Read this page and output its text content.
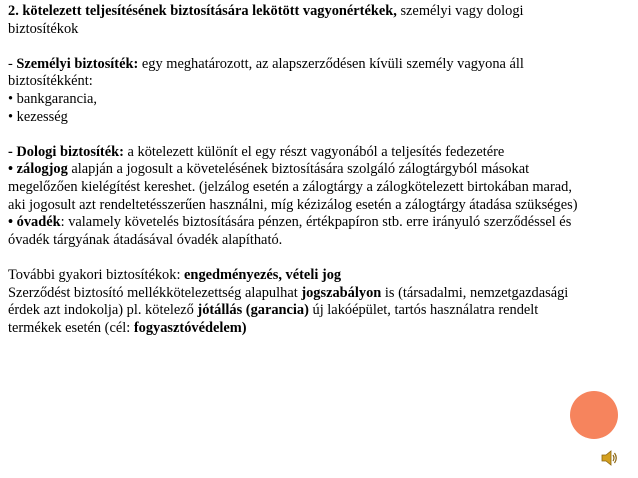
2. kötelezett teljesítésének biztosítására lekötött vagyonértékek, személyi vagy dologi
biztosítékok
- Személyi biztosíték: egy meghatározott, az alapszerződésen kívüli személy vagyona áll
biztosítékként:
• bankgarancia,
• kezesség
- Dologi biztosíték: a kötelezett különít el egy részt vagyonából a teljesítés fedezetére
• zálogjog alapján a jogosult a követelésének biztosítására szolgáló zálogtárgyból másokat
megelőzően kielégítést kereshet. (jelzálog esetén a zálogtárgy a zálogkötelezett birtokában marad,
aki jogosult azt rendeltetésszerűen használni, míg kézizálog esetén a zálogtárgy átadása szükséges)
• óvadék: valamely követelés biztosítására pénzen, értékpapíron stb. erre irányuló szerződéssel és
óvadék tárgyának átadásával óvadék alapítható.
További gyakori biztosítékok: engedményezés, vételi jog
Szerződést biztosító mellékkötelezettség alapulhat jogszabályon is (társadalmi, nemzetgazdasági
érdek azt indokolja) pl. kötelező jótállás (garancia) új lakóépület, tartós használatra rendelt
termékek esetén (cél: fogyasztóvédelem)
